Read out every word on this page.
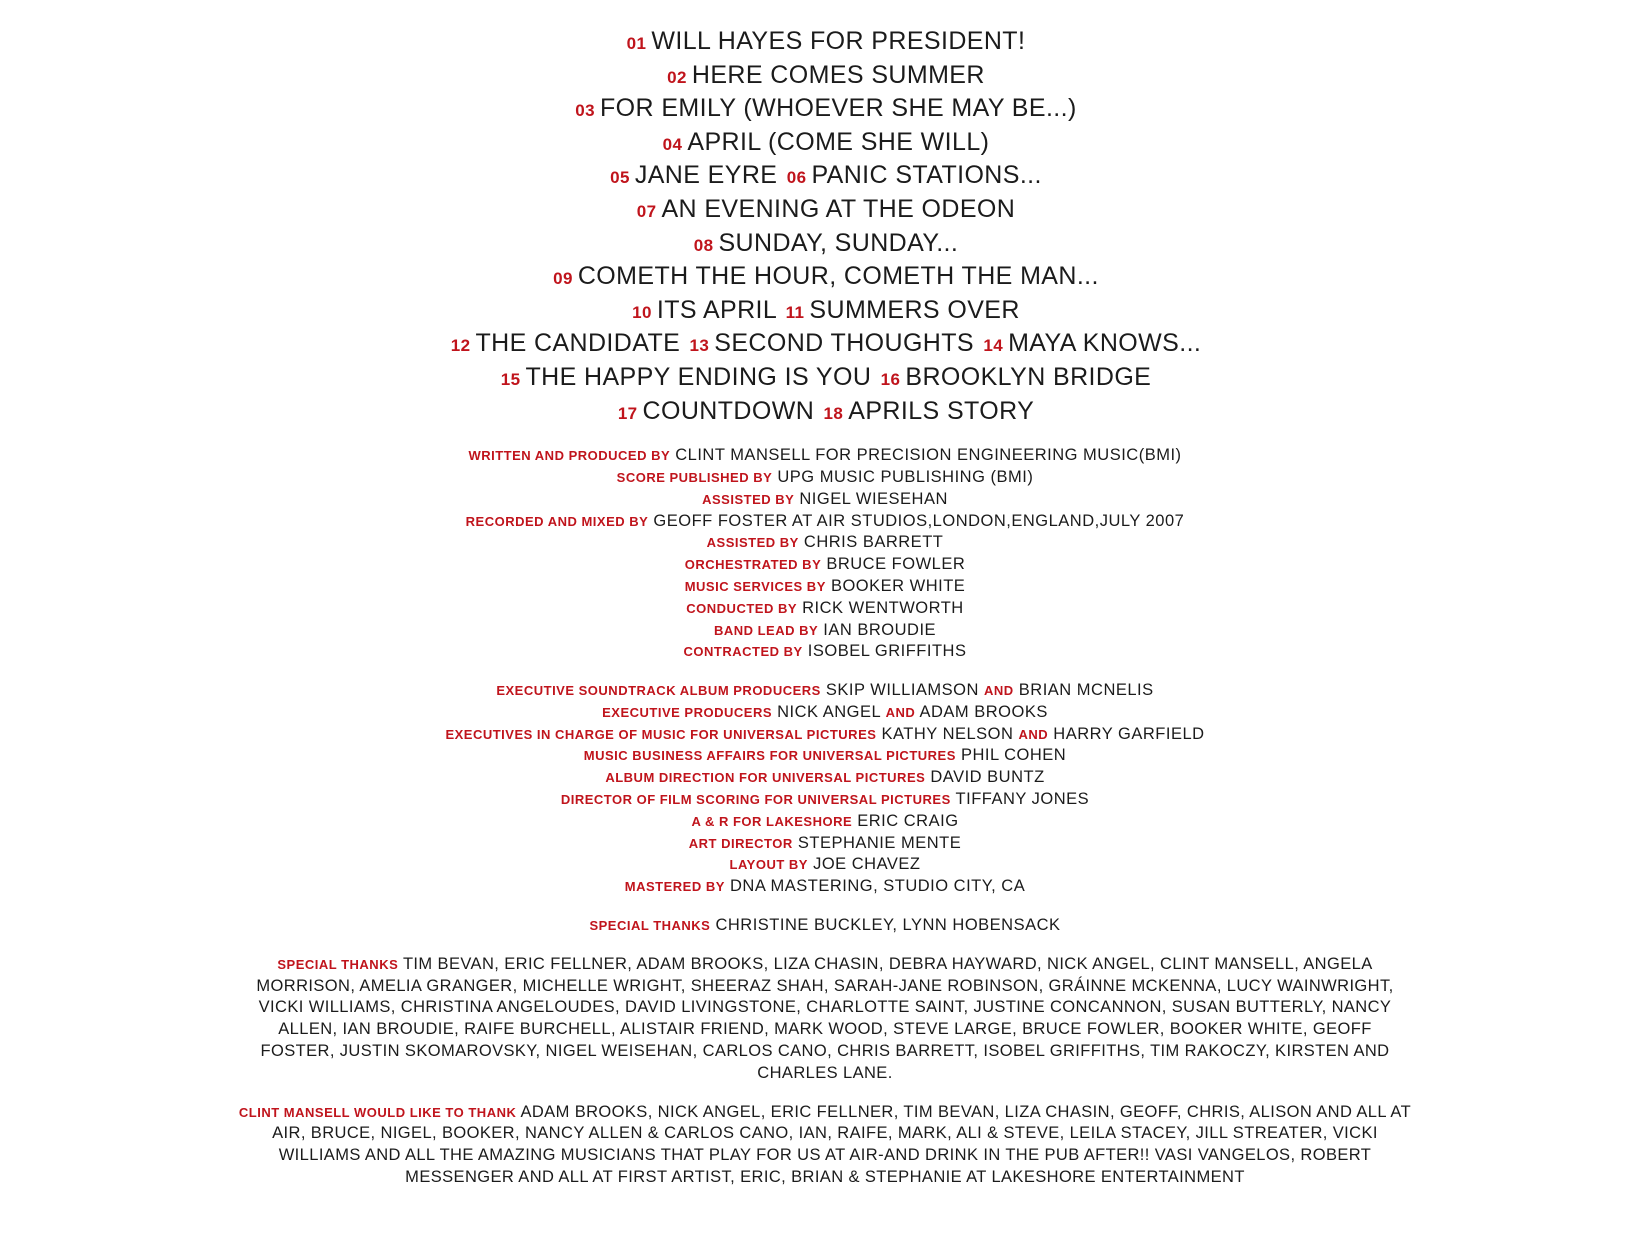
01 WILL HAYES FOR PRESIDENT!
02 HERE COMES SUMMER
03 FOR EMILY (WHOEVER SHE MAY BE...)
04 APRIL (COME SHE WILL)
05 JANE EYRE 06 PANIC STATIONS...
07 AN EVENING AT THE ODEON
08 SUNDAY, SUNDAY...
09 COMETH THE HOUR, COMETH THE MAN...
10 ITS APRIL 11 SUMMERS OVER
12 THE CANDIDATE 13 SECOND THOUGHTS 14 MAYA KNOWS...
15 THE HAPPY ENDING IS YOU 16 BROOKLYN BRIDGE
17 COUNTDOWN 18 APRILS STORY
WRITTEN AND PRODUCED BY CLINT MANSELL FOR PRECISION ENGINEERING MUSIC(BMI)
SCORE PUBLISHED BY UPG MUSIC PUBLISHING (BMI)
ASSISTED BY NIGEL WIESEHAN
RECORDED AND MIXED BY GEOFF FOSTER AT AIR STUDIOS,LONDON,ENGLAND,JULY 2007
ASSISTED BY CHRIS BARRETT
ORCHESTRATED BY BRUCE FOWLER
MUSIC SERVICES BY BOOKER WHITE
CONDUCTED BY RICK WENTWORTH
BAND LEAD BY IAN BROUDIE
CONTRACTED BY ISOBEL GRIFFITHS
EXECUTIVE SOUNDTRACK ALBUM PRODUCERS SKIP WILLIAMSON AND BRIAN MCNELIS
EXECUTIVE PRODUCERS NICK ANGEL AND ADAM BROOKS
EXECUTIVES IN CHARGE OF MUSIC FOR UNIVERSAL PICTURES KATHY NELSON AND HARRY GARFIELD
MUSIC BUSINESS AFFAIRS FOR UNIVERSAL PICTURES PHIL COHEN
ALBUM DIRECTION FOR UNIVERSAL PICTURES DAVID BUNTZ
DIRECTOR OF FILM SCORING FOR UNIVERSAL PICTURES TIFFANY JONES
A & R FOR LAKESHORE ERIC CRAIG
ART DIRECTOR STEPHANIE MENTE
LAYOUT BY JOE CHAVEZ
MASTERED BY DNA MASTERING, STUDIO CITY, CA
SPECIAL THANKS CHRISTINE BUCKLEY, LYNN HOBENSACK
SPECIAL THANKS TIM BEVAN, ERIC FELLNER, ADAM BROOKS, LIZA CHASIN, DEBRA HAYWARD, NICK ANGEL, CLINT MANSELL, ANGELA MORRISON, AMELIA GRANGER, MICHELLE WRIGHT, SHEERAZ SHAH, SARAH-JANE ROBINSON, GRÁINNE MCKENNA, LUCY WAINWRIGHT, VICKI WILLIAMS, CHRISTINA ANGELOUDES, DAVID LIVINGSTONE, CHARLOTTE SAINT, JUSTINE CONCANNON, SUSAN BUTTERLY, NANCY ALLEN, IAN BROUDIE, RAIFE BURCHELL, ALISTAIR FRIEND, MARK WOOD, STEVE LARGE, BRUCE FOWLER, BOOKER WHITE, GEOFF FOSTER, JUSTIN SKOMAROVSKY, NIGEL WEISEHAN, CARLOS CANO, CHRIS BARRETT, ISOBEL GRIFFITHS, TIM RAKOCZY, KIRSTEN AND CHARLES LANE.
CLINT MANSELL WOULD LIKE TO THANK ADAM BROOKS, NICK ANGEL, ERIC FELLNER, TIM BEVAN, LIZA CHASIN, GEOFF, CHRIS, ALISON AND ALL AT AIR, BRUCE, NIGEL, BOOKER, NANCY ALLEN & CARLOS CANO, IAN, RAIFE, MARK, ALI & STEVE, LEILA STACEY, JILL STREATER, VICKI WILLIAMS AND ALL THE AMAZING MUSICIANS THAT PLAY FOR US AT AIR-AND DRINK IN THE PUB AFTER!! VASI VANGELOS, ROBERT MESSENGER AND ALL AT FIRST ARTIST, ERIC, BRIAN & STEPHANIE AT LAKESHORE ENTERTAINMENT
